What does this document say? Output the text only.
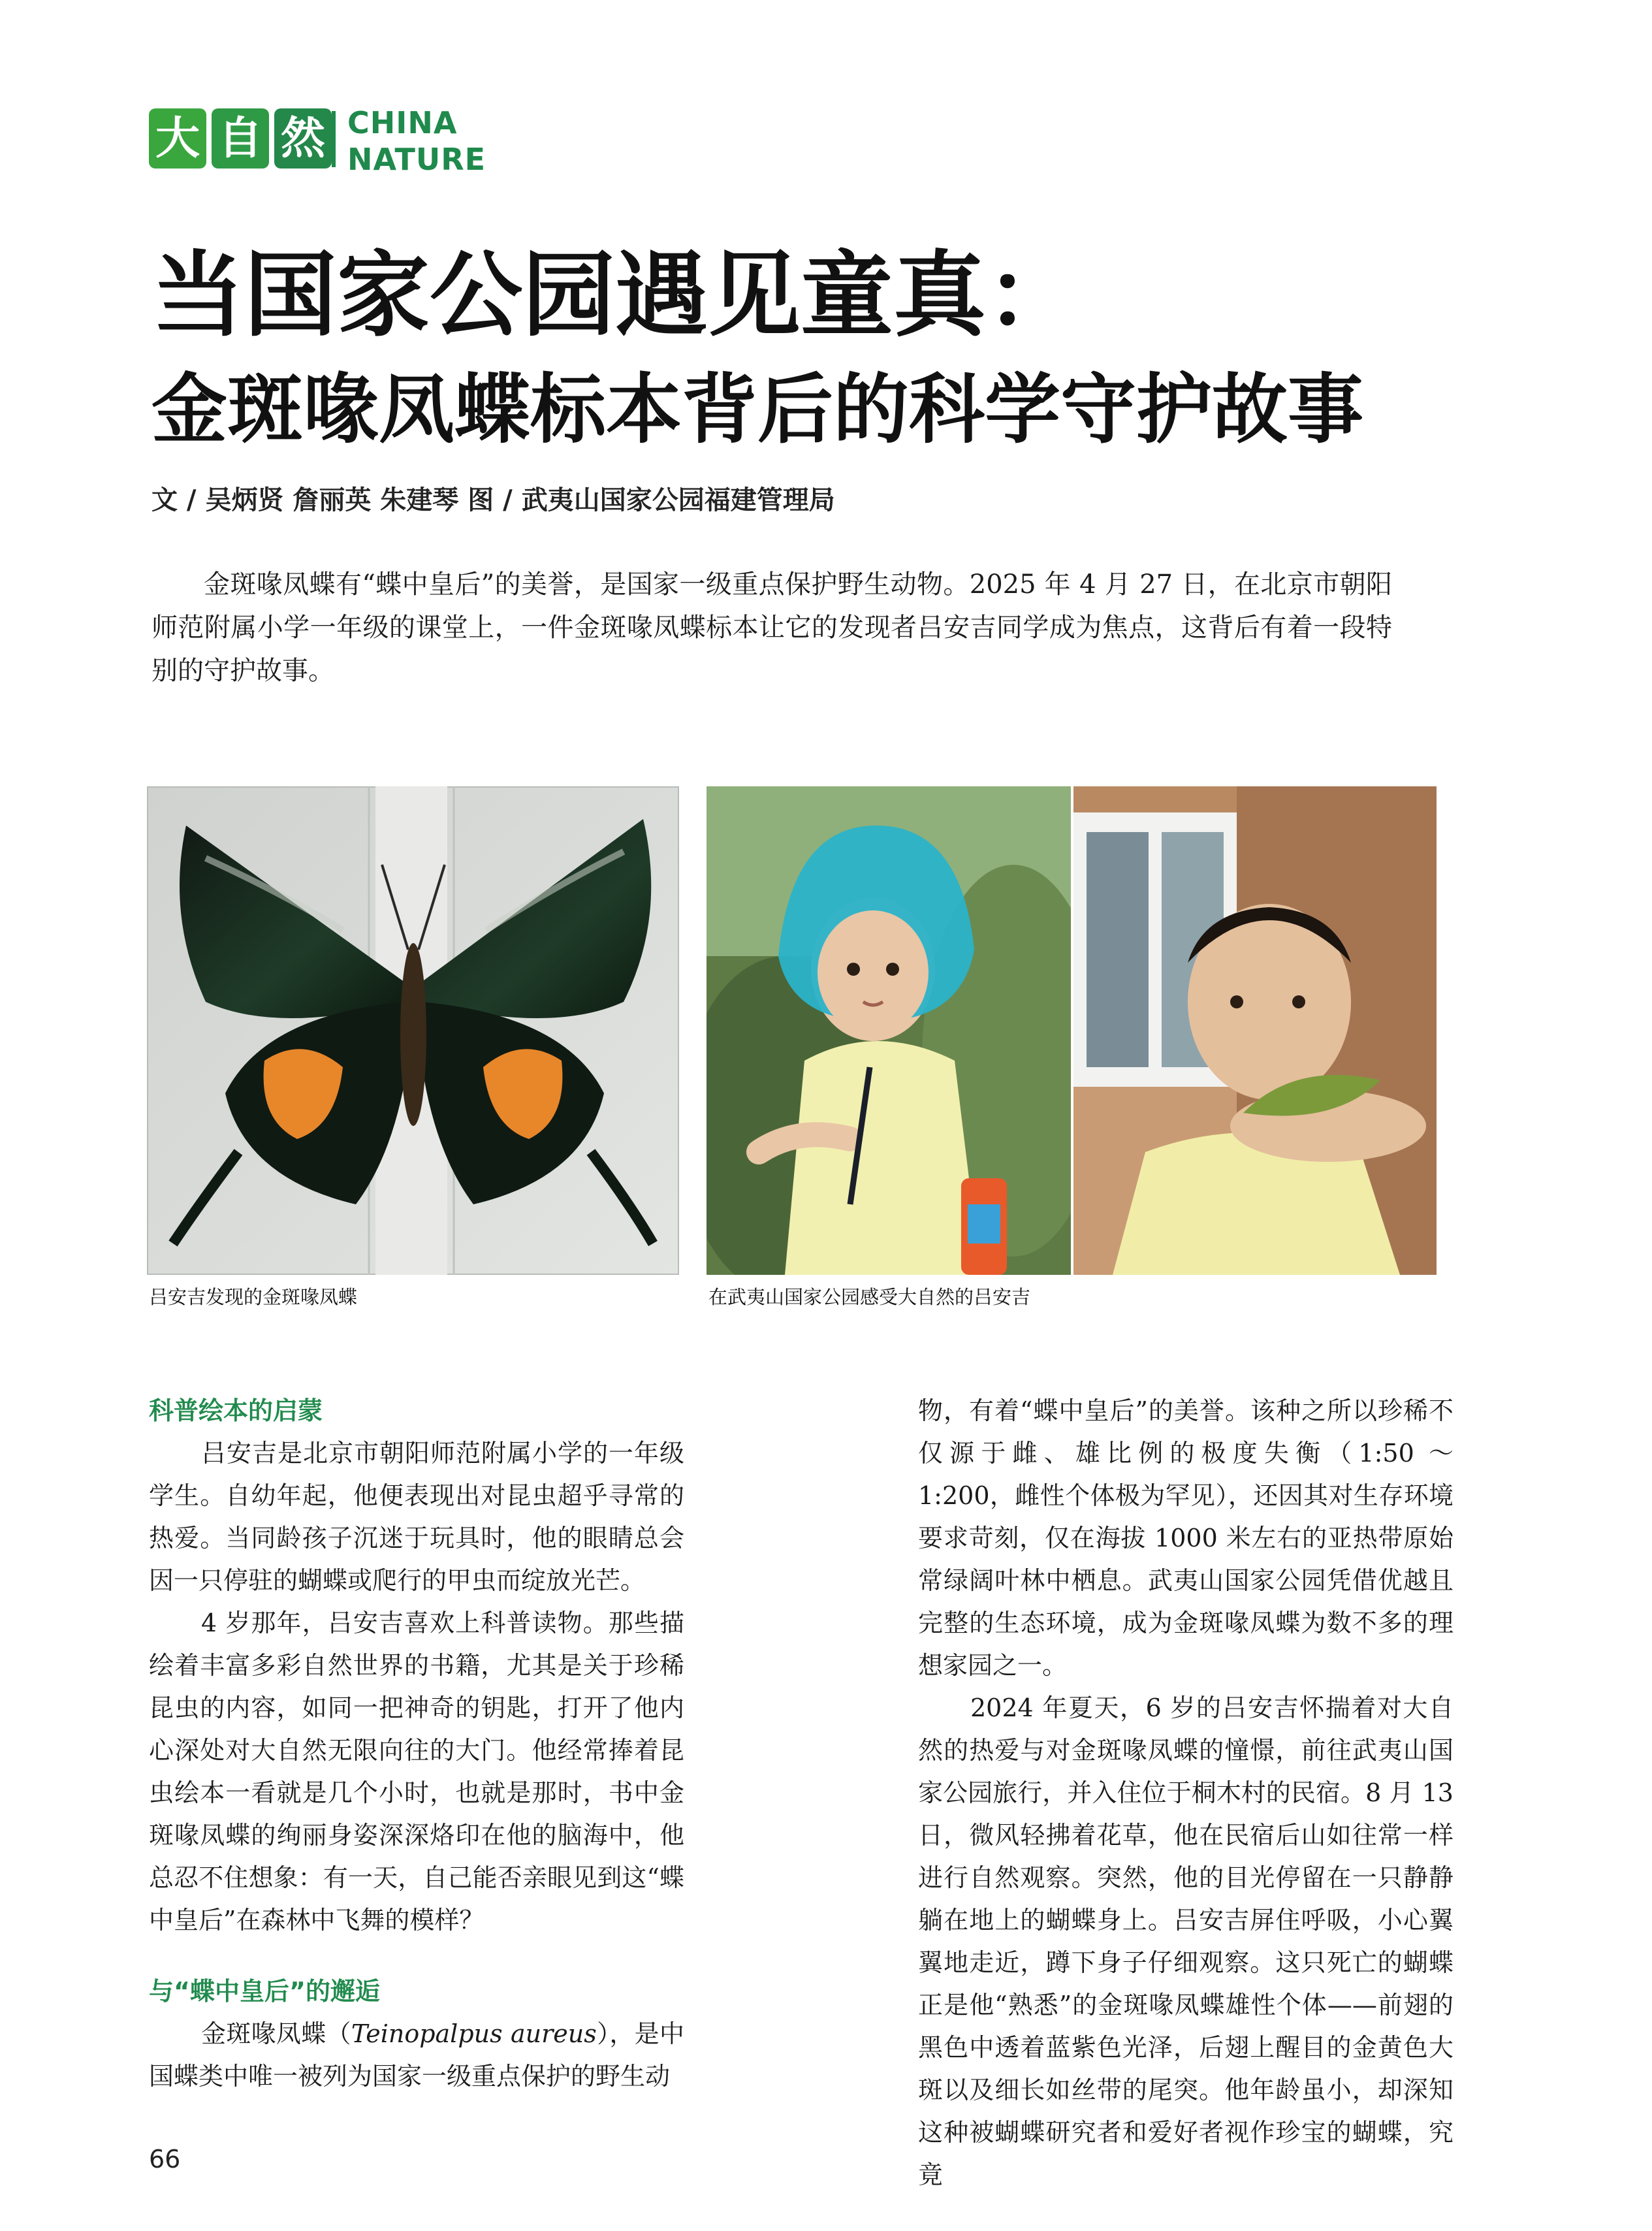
大 自 然 CHINA
NATURE
当国家公园遇见童真：
金斑喙凤蝶标本背后的科学守护故事
文 / 吴炳贤 詹丽英 朱建琴 图 / 武夷山国家公园福建管理局
金斑喙凤蝶有“蝶中皇后”的美誉，是国家一级重点保护野生动物。2025 年 4 月 27 日，在北京市朝阳师范附属小学一年级的课堂上，一件金斑喙凤蝶标本让它的发现者吕安吉同学成为焦点，这背后有着一段特别的守护故事。
吕安吉发现的金斑喙凤蝶	在武夷山国家公园感受大自然的吕安吉
科普绘本的启蒙

吕安吉是北京市朝阳师范附属小学的一年级学生。自幼年起，他便表现出对昆虫超乎寻常的热爱。当同龄孩子沉迷于玩具时，他的眼睛总会因一只停驻的蝴蝶或爬行的甲虫而绽放光芒。

4 岁那年，吕安吉喜欢上科普读物。那些描绘着丰富多彩自然世界的书籍，尤其是关于珍稀昆虫的内容，如同一把神奇的钥匙，打开了他内心深处对大自然无限向往的大门。他经常捧着昆虫绘本一看就是几个小时，也就是那时，书中金斑喙凤蝶的绚丽身姿深深烙印在他的脑海中，他总忍不住想象：有一天，自己能否亲眼见到这“蝶中皇后”在森林中飞舞的模样？

与“蝶中皇后”的邂逅

金斑喙凤蝶（Teinopalpus aureus），是中国蝶类中唯一被列为国家一级重点保护的野生动

物，有着“蝶中皇后”的美誉。该种之所以珍稀不仅源于雌、雄比例的极度失衡（1:50 ～ 1:200，雌性个体极为罕见），还因其对生存环境要求苛刻，仅在海拔 1000 米左右的亚热带原始常绿阔叶林中栖息。武夷山国家公园凭借优越且完整的生态环境，成为金斑喙凤蝶为数不多的理想家园之一。

2024 年夏天，6 岁的吕安吉怀揣着对大自然的热爱与对金斑喙凤蝶的憧憬，前往武夷山国家公园旅行，并入住位于桐木村的民宿。8 月 13 日，微风轻拂着花草，他在民宿后山如往常一样进行自然观察。突然，他的目光停留在一只静静躺在地上的蝴蝶身上。吕安吉屏住呼吸，小心翼翼地走近，蹲下身子仔细观察。这只死亡的蝴蝶正是他“熟悉”的金斑喙凤蝶雄性个体——前翅的黑色中透着蓝紫色光泽，后翅上醒目的金黄色大斑以及细长如丝带的尾突。他年龄虽小，却深知这种被蝴蝶研究者和爱好者视作珍宝的蝴蝶，究竟

66
